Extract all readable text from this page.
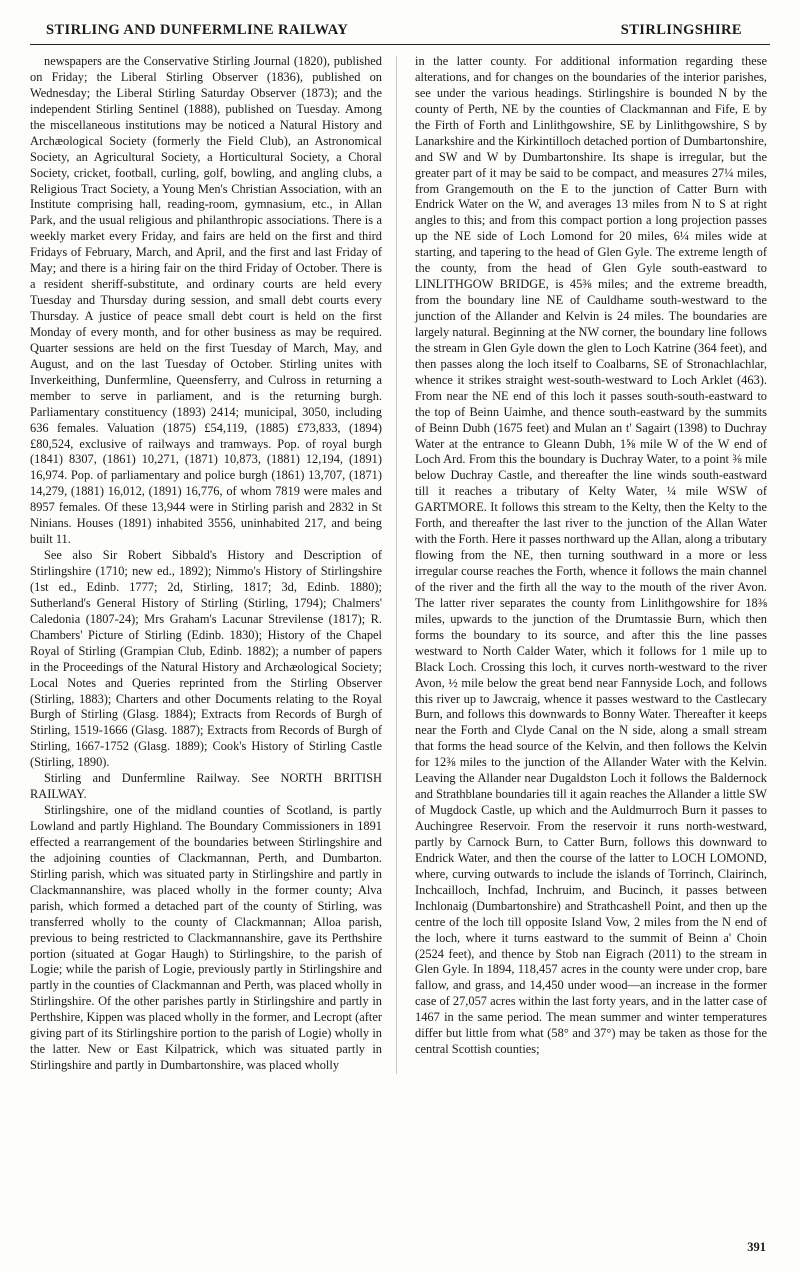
STIRLING AND DUNFERMLINE RAILWAY	STIRLINGSHIRE

newspapers are the Conservative Stirling Journal (1820), published on Friday; the Liberal Stirling Observer (1836), published on Wednesday; the Liberal Stirling Saturday Observer (1873); and the independent Stirling Sentinel (1888), published on Tuesday. Among the miscellaneous institutions may be noticed a Natural History and Archæological Society (formerly the Field Club), an Astronomical Society, an Agricultural Society, a Horticultural Society, a Choral Society, cricket, football, curling, golf, bowling, and angling clubs, a Religious Tract Society, a Young Men's Christian Association, with an Institute comprising hall, reading-room, gymnasium, etc., in Allan Park, and the usual religious and philanthropic associations. There is a weekly market every Friday, and fairs are held on the first and third Fridays of February, March, and April, and the first and last Friday of May; and there is a hiring fair on the third Friday of October. There is a resident sheriff-substitute, and ordinary courts are held every Tuesday and Thursday during session, and small debt courts every Thursday. A justice of peace small debt court is held on the first Monday of every month, and for other business as may be required. Quarter sessions are held on the first Tuesday of March, May, and August, and on the last Tuesday of October. Stirling unites with Inverkeithing, Dunfermline, Queensferry, and Culross in returning a member to serve in parliament, and is the returning burgh. Parliamentary constituency (1893) 2414; municipal, 3050, including 636 females. Valuation (1875) £54,119, (1885) £73,833, (1894) £80,524, exclusive of railways and tramways. Pop. of royal burgh (1841) 8307, (1861) 10,271, (1871) 10,873, (1881) 12,194, (1891) 16,974. Pop. of parliamentary and police burgh (1861) 13,707, (1871) 14,279, (1881) 16,012, (1891) 16,776, of whom 7819 were males and 8957 females. Of these 13,944 were in Stirling parish and 2832 in St Ninians. Houses (1891) inhabited 3556, uninhabited 217, and being built 11.

See also Sir Robert Sibbald's History and Description of Stirlingshire (1710; new ed., 1892); Nimmo's History of Stirlingshire (1st ed., Edinb. 1777; 2d, Stirling, 1817; 3d, Edinb. 1880); Sutherland's General History of Stirling (Stirling, 1794); Chalmers' Caledonia (1807-24); Mrs Graham's Lacunar Strevilense (1817); R. Chambers' Picture of Stirling (Edinb. 1830); History of the Chapel Royal of Stirling (Grampian Club, Edinb. 1882); a number of papers in the Proceedings of the Natural History and Archæological Society; Local Notes and Queries reprinted from the Stirling Observer (Stirling, 1883); Charters and other Documents relating to the Royal Burgh of Stirling (Glasg. 1884); Extracts from Records of Burgh of Stirling, 1519-1666 (Glasg. 1887); Extracts from Records of Burgh of Stirling, 1667-1752 (Glasg. 1889); Cook's History of Stirling Castle (Stirling, 1890).

Stirling and Dunfermline Railway. See NORTH BRITISH RAILWAY.

Stirlingshire, one of the midland counties of Scotland, is partly Lowland and partly Highland. The Boundary Commissioners in 1891 effected a rearrangement of the boundaries between Stirlingshire and the adjoining counties of Clackmannan, Perth, and Dumbarton. Stirling parish, which was situated party in Stirlingshire and partly in Clackmannanshire, was placed wholly in the former county; Alva parish, which formed a detached part of the county of Stirling, was transferred wholly to the county of Clackmannan; Alloa parish, previous to being restricted to Clackmannanshire, gave its Perthshire portion (situated at Gogar Haugh) to Stirlingshire, to the parish of Logie; while the parish of Logie, previously partly in Stirlingshire and partly in the counties of Clackmannan and Perth, was placed wholly in Stirlingshire. Of the other parishes partly in Stirlingshire and partly in Perthshire, Kippen was placed wholly in the former, and Lecropt (after giving part of its Stirlingshire portion to the parish of Logie) wholly in the latter. New or East Kilpatrick, which was situated partly in Stirlingshire and partly in Dumbartonshire, was placed wholly

in the latter county. For additional information regarding these alterations, and for changes on the boundaries of the interior parishes, see under the various headings. Stirlingshire is bounded N by the county of Perth, NE by the counties of Clackmannan and Fife, E by the Firth of Forth and Linlithgowshire, SE by Linlithgowshire, S by Lanarkshire and the Kirkintilloch detached portion of Dumbartonshire, and SW and W by Dumbartonshire. Its shape is irregular, but the greater part of it may be said to be compact, and measures 27¼ miles, from Grangemouth on the E to the junction of Catter Burn with Endrick Water on the W, and averages 13 miles from N to S at right angles to this; and from this compact portion a long projection passes up the NE side of Loch Lomond for 20 miles, 6¼ miles wide at starting, and tapering to the head of Glen Gyle. The extreme length of the county, from the head of Glen Gyle south-eastward to LINLITHGOW BRIDGE, is 45⅜ miles; and the extreme breadth, from the boundary line NE of Cauldhame south-westward to the junction of the Allander and Kelvin is 24 miles. The boundaries are largely natural. Beginning at the NW corner, the boundary line follows the stream in Glen Gyle down the glen to Loch Katrine (364 feet), and then passes along the loch itself to Coalbarns, SE of Stronachlachlar, whence it strikes straight west-south-westward to Loch Arklet (463). From near the NE end of this loch it passes south-south-eastward to the top of Beinn Uaimhe, and thence south-eastward by the summits of Beinn Dubh (1675 feet) and Mulan an t' Sagairt (1398) to Duchray Water at the entrance to Gleann Dubh, 1⅝ mile W of the W end of Loch Ard. From this the boundary is Duchray Water, to a point ⅜ mile below Duchray Castle, and thereafter the line winds south-eastward till it reaches a tributary of Kelty Water, ¼ mile WSW of GARTMORE. It follows this stream to the Kelty, then the Kelty to the Forth, and thereafter the last river to the junction of the Allan Water with the Forth. Here it passes northward up the Allan, along a tributary flowing from the NE, then turning southward in a more or less irregular course reaches the Forth, whence it follows the main channel of the river and the firth all the way to the mouth of the river Avon. The latter river separates the county from Linlithgowshire for 18⅜ miles, upwards to the junction of the Drumtassie Burn, which then forms the boundary to its source, and after this the line passes westward to North Calder Water, which it follows for 1 mile up to Black Loch. Crossing this loch, it curves north-westward to the river Avon, ½ mile below the great bend near Fannyside Loch, and follows this river up to Jawcraig, whence it passes westward to the Castlecary Burn, and follows this downwards to Bonny Water. Thereafter it keeps near the Forth and Clyde Canal on the N side, along a small stream that forms the head source of the Kelvin, and then follows the Kelvin for 12⅜ miles to the junction of the Allander Water with the Kelvin. Leaving the Allander near Dugaldston Loch it follows the Baldernock and Strathblane boundaries till it again reaches the Allander a little SW of Mugdock Castle, up which and the Auldmurroch Burn it passes to Auchingree Reservoir. From the reservoir it runs north-westward, partly by Carnock Burn, to Catter Burn, follows this downward to Endrick Water, and then the course of the latter to LOCH LOMOND, where, curving outwards to include the islands of Torrinch, Clairinch, Inchcailloch, Inchfad, Inchruim, and Bucinch, it passes between Inchlonaig (Dumbartonshire) and Strathcashell Point, and then up the centre of the loch till opposite Island Vow, 2 miles from the N end of the loch, where it turns eastward to the summit of Beinn a' Choin (2524 feet), and thence by Stob nan Eigrach (2011) to the stream in Glen Gyle. In 1894, 118,457 acres in the county were under crop, bare fallow, and grass, and 14,450 under wood—an increase in the former case of 27,057 acres within the last forty years, and in the latter case of 1467 in the same period. The mean summer and winter temperatures differ but little from what (58° and 37°) may be taken as those for the central Scottish counties;

391
